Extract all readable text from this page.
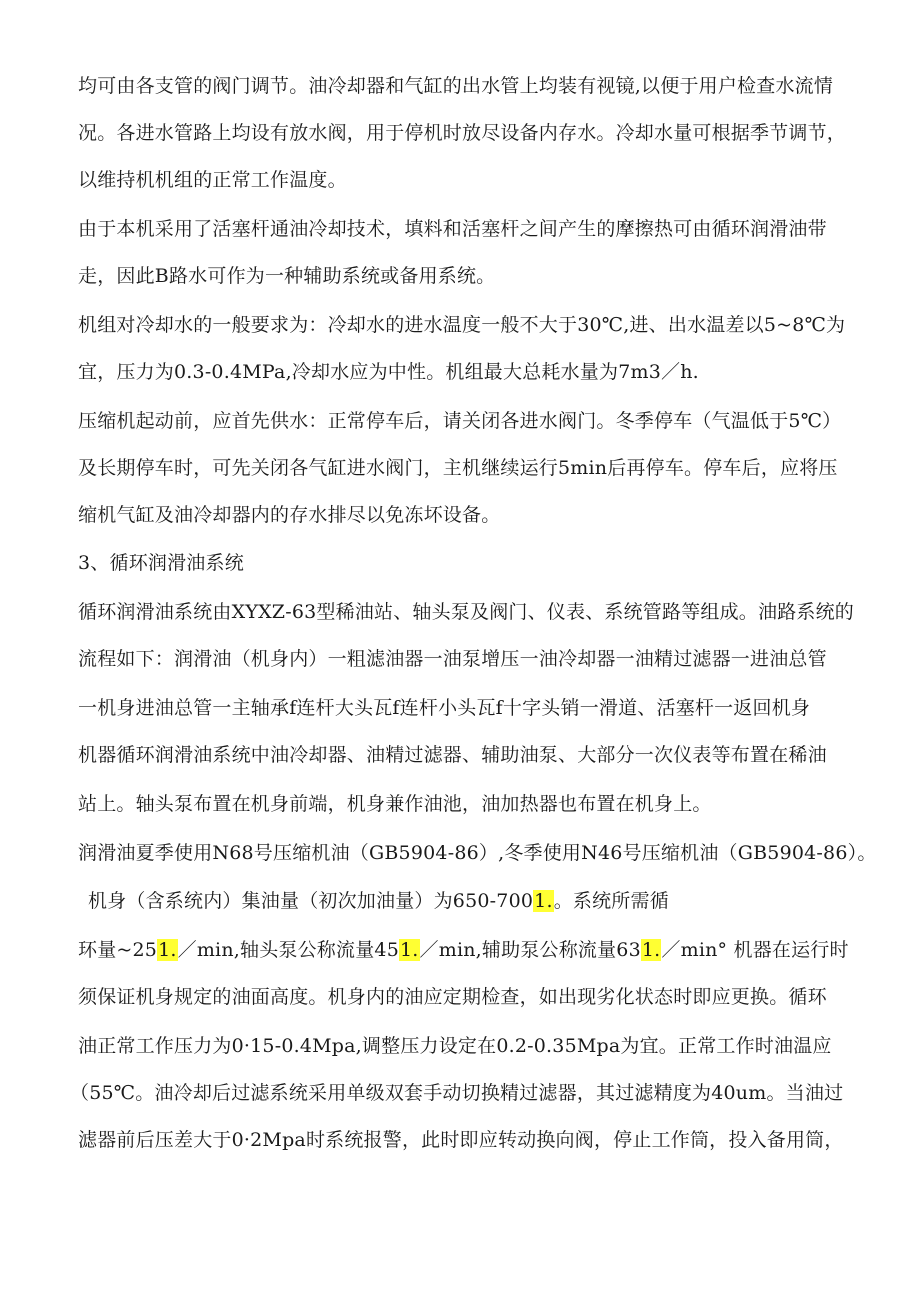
均可由各支管的阀门调节。油冷却器和气缸的出水管上均装有视镜,以便于用户检查水流情
况。各进水管路上均设有放水阀，用于停机时放尽设备内存水。冷却水量可根据季节调节，
以维持机机组的正常工作温度。
由于本机采用了活塞杆通油冷却技术，填料和活塞杆之间产生的摩擦热可由循环润滑油带
走，因此B路水可作为一种辅助系统或备用系统。
机组对冷却水的一般要求为：冷却水的进水温度一般不大于30℃,进、出水温差以5~8℃为
宜，压力为0.3-0.4MPa,冷却水应为中性。机组最大总耗水量为7m3／h.
压缩机起动前，应首先供水：正常停车后，请关闭各进水阀门。冬季停车（气温低于5℃）
及长期停车时，可先关闭各气缸进水阀门，主机继续运行5min后再停车。停车后，应将压
缩机气缸及油冷却器内的存水排尽以免冻坏设备。
3、循环润滑油系统
循环润滑油系统由XYXZ-63型稀油站、轴头泵及阀门、仪表、系统管路等组成。油路系统的
流程如下：润滑油（机身内）一粗滤油器一油泵增压一油冷却器一油精过滤器一进油总管
一机身进油总管一主轴承f连杆大头瓦f连杆小头瓦f十字头销一滑道、活塞杆一返回机身
机器循环润滑油系统中油冷却器、油精过滤器、辅助油泵、大部分一次仪表等布置在稀油
站上。轴头泵布置在机身前端，机身兼作油池，油加热器也布置在机身上。
润滑油夏季使用N68号压缩机油（GB5904-86）,冬季使用N46号压缩机油（GB5904-86）。
机身（含系统内）集油量（初次加油量）为650-7001.。系统所需循
环量~251.／min,轴头泵公称流量451.／min,辅助泵公称流量631.／min° 机器在运行时
须保证机身规定的油面高度。机身内的油应定期检查，如出现劣化状态时即应更换。循环
油正常工作压力为0·15-0.4Mpa,调整压力设定在0.2-0.35Mpa为宜。正常工作时油温应
（55℃。油冷却后过滤系统采用单级双套手动切换精过滤器，其过滤精度为40um。当油过
滤器前后压差大于0·2Mpa时系统报警，此时即应转动换向阀，停止工作筒，投入备用筒，
